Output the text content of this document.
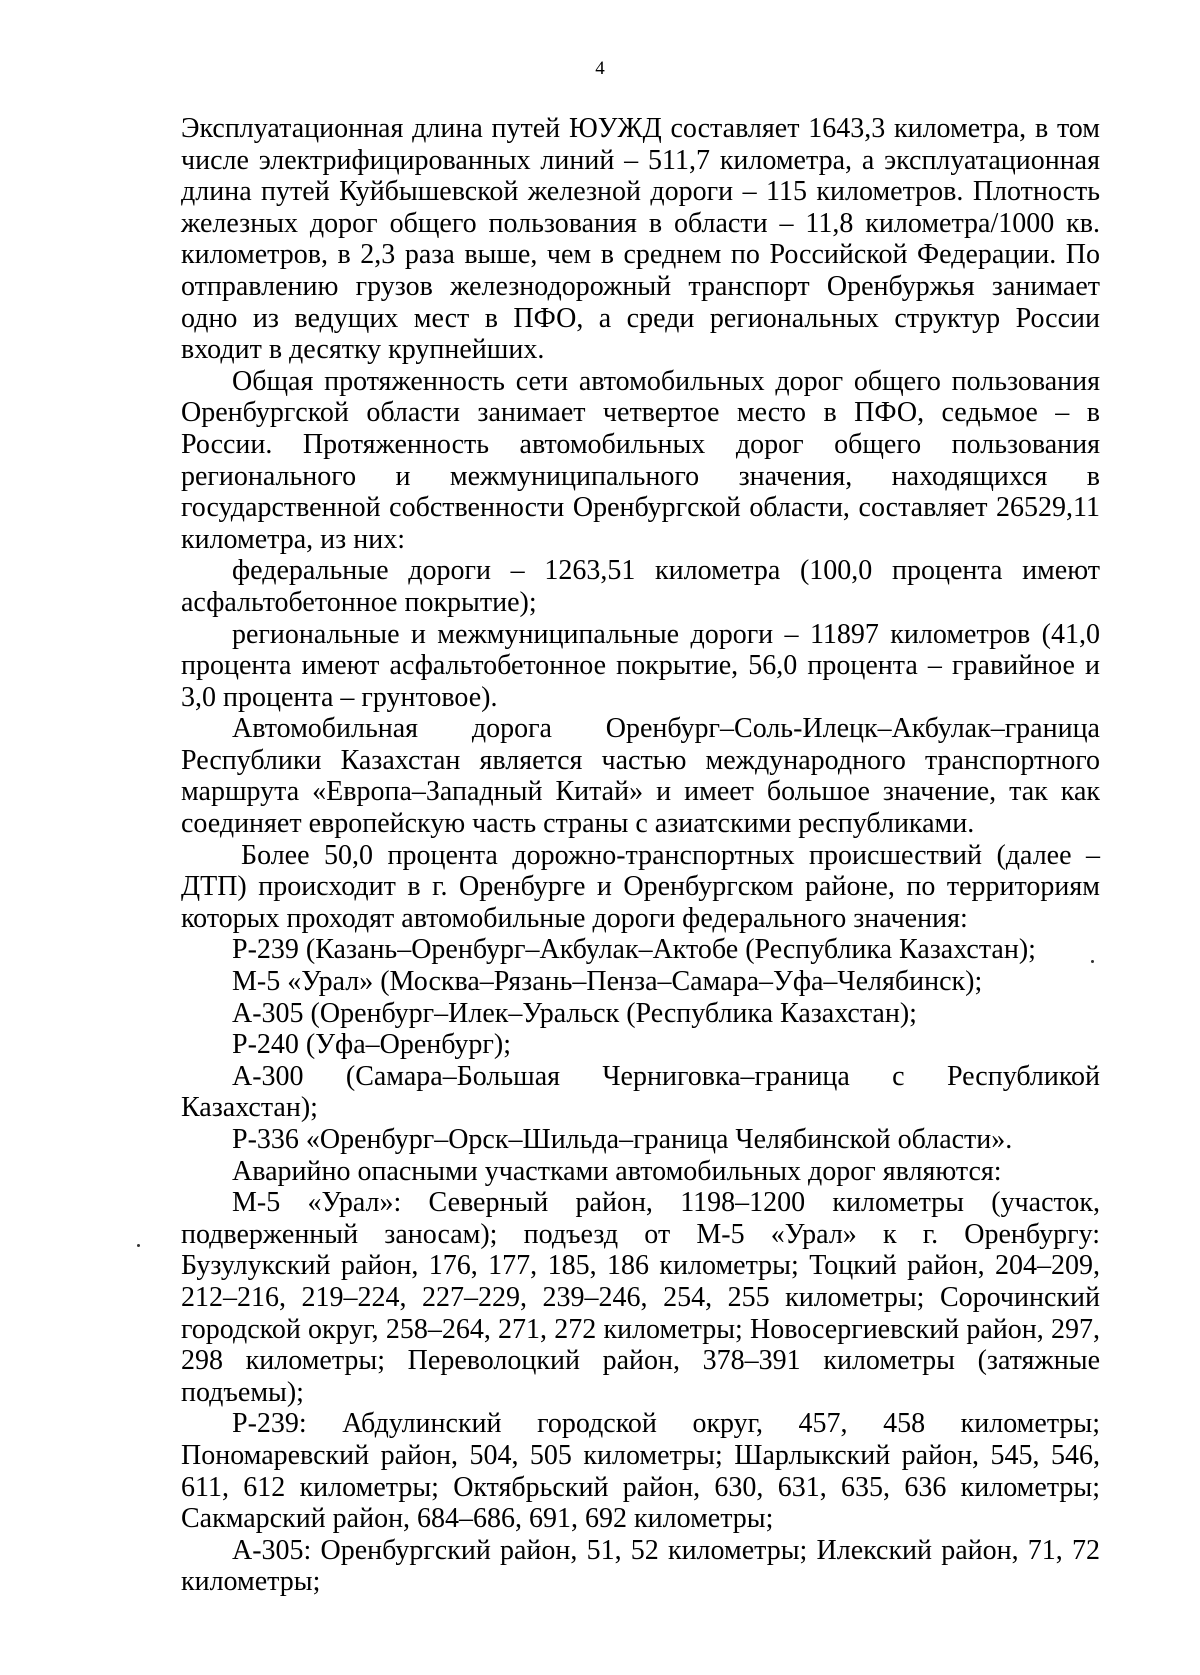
4

Эксплуатационная длина путей ЮУЖД составляет 1643,3 километра, в том числе электрифицированных линий – 511,7 километра, а эксплуатационная длина путей Куйбышевской железной дороги – 115 километров. Плотность железных дорог общего пользования в области – 11,8 километра/1000 кв. километров, в 2,3 раза выше, чем в среднем по Российской Федерации. По отправлению грузов железнодорожный транспорт Оренбуржья занимает одно из ведущих мест в ПФО, а среди региональных структур России входит в десятку крупнейших.

Общая протяженность сети автомобильных дорог общего пользования Оренбургской области занимает четвертое место в ПФО, седьмое – в России. Протяженность автомобильных дорог общего пользования регионального и межмуниципального значения, находящихся в государственной собственности Оренбургской области, составляет 26529,11 километра, из них:

федеральные дороги – 1263,51 километра (100,0 процента имеют асфальтобетонное покрытие);

региональные и межмуниципальные дороги – 11897 километров (41,0 процента имеют асфальтобетонное покрытие, 56,0 процента – гравийное и 3,0 процента – грунтовое).

Автомобильная дорога Оренбург–Соль-Илецк–Акбулак–граница Республики Казахстан является частью международного транспортного маршрута «Европа–Западный Китай» и имеет большое значение, так как соединяет европейскую часть страны с азиатскими республиками.

Более 50,0 процента дорожно-транспортных происшествий (далее – ДТП) происходит в г. Оренбурге и Оренбургском районе, по территориям которых проходят автомобильные дороги федерального значения:

Р-239 (Казань–Оренбург–Акбулак–Актобе (Республика Казахстан);

М-5 «Урал» (Москва–Рязань–Пенза–Самара–Уфа–Челябинск);

А-305 (Оренбург–Илек–Уральск (Республика Казахстан);

Р-240 (Уфа–Оренбург);

А-300 (Самара–Большая Черниговка–граница с Республикой Казахстан);

Р-336 «Оренбург–Орск–Шильда–граница Челябинской области».

Аварийно опасными участками автомобильных дорог являются:

М-5 «Урал»: Северный район, 1198–1200 километры (участок, подверженный заносам); подъезд от М-5 «Урал» к г. Оренбургу: Бузулукский район, 176, 177, 185, 186 километры; Тоцкий район, 204–209, 212–216, 219–224, 227–229, 239–246, 254, 255 километры; Сорочинский городской округ, 258–264, 271, 272 километры; Новосергиевский район, 297, 298 километры; Переволоцкий район, 378–391 километры (затяжные подъемы);

Р-239: Абдулинский городской округ, 457, 458 километры; Пономаревский район, 504, 505 километры; Шарлыкский район, 545, 546, 611, 612 километры; Октябрьский район, 630, 631, 635, 636 километры; Сакмарский район, 684–686, 691, 692 километры;

А-305: Оренбургский район, 51, 52 километры; Илекский район, 71, 72 километры;
